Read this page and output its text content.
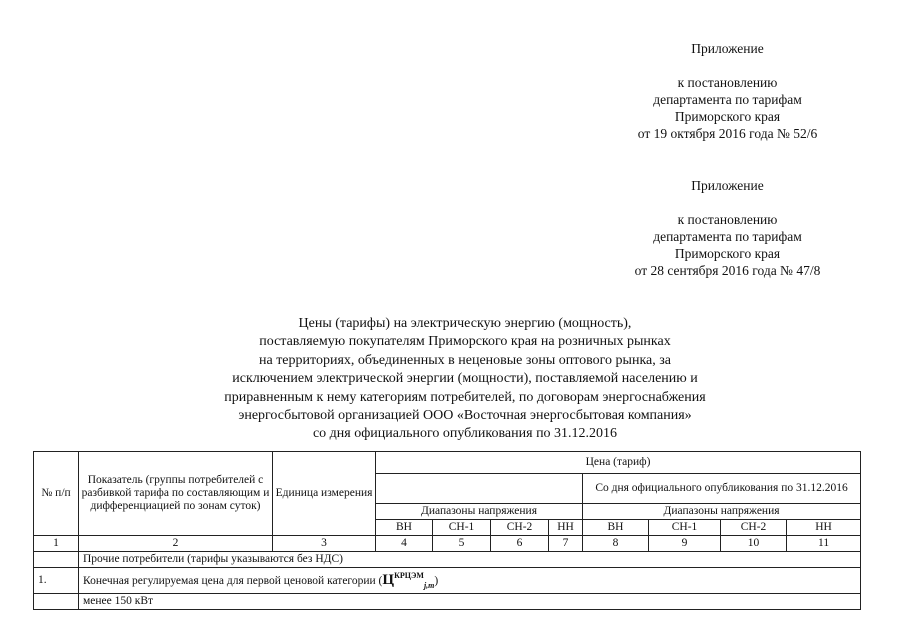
Приложение
к постановлению
департамента по тарифам
Приморского края
от 19 октября 2016 года № 52/6
Приложение
к постановлению
департамента по тарифам
Приморского края
от 28 сентября 2016 года № 47/8
Цены (тарифы) на электрическую энергию (мощность),
поставляемую покупателям Приморского края на розничных рынках
на территориях, объединенных в неценовые зоны оптового рынка, за
исключением электрической энергии (мощности), поставляемой населению и
приравненным к нему категориям потребителей, по договорам энергоснабжения
энергосбытовой организацией ООО «Восточная энергосбытовая компания»
со дня официального опубликования по 31.12.2016
№ п/п	Показатель (группы потребителей с разбивкой тарифа по составляющим и дифференциацией по зонам суток)	Единица измерения	Цена (тариф)							
							Со дня официального опубликования по 31.12.2016			
			Диапазоны напряжения				Диапазоны напряжения			
			ВН	СН-1	СН-2	НН	ВН	СН-1	СН-2	НН
1	2	3	4	5	6	7	8	9	10	11
	Прочие потребители (тарифы указываются без НДС)									
1.	Конечная регулируемая цена для первой ценовой категории $(Ц^{КРЦЭМ}_{j,m})$									
	менее 150 кВт									
